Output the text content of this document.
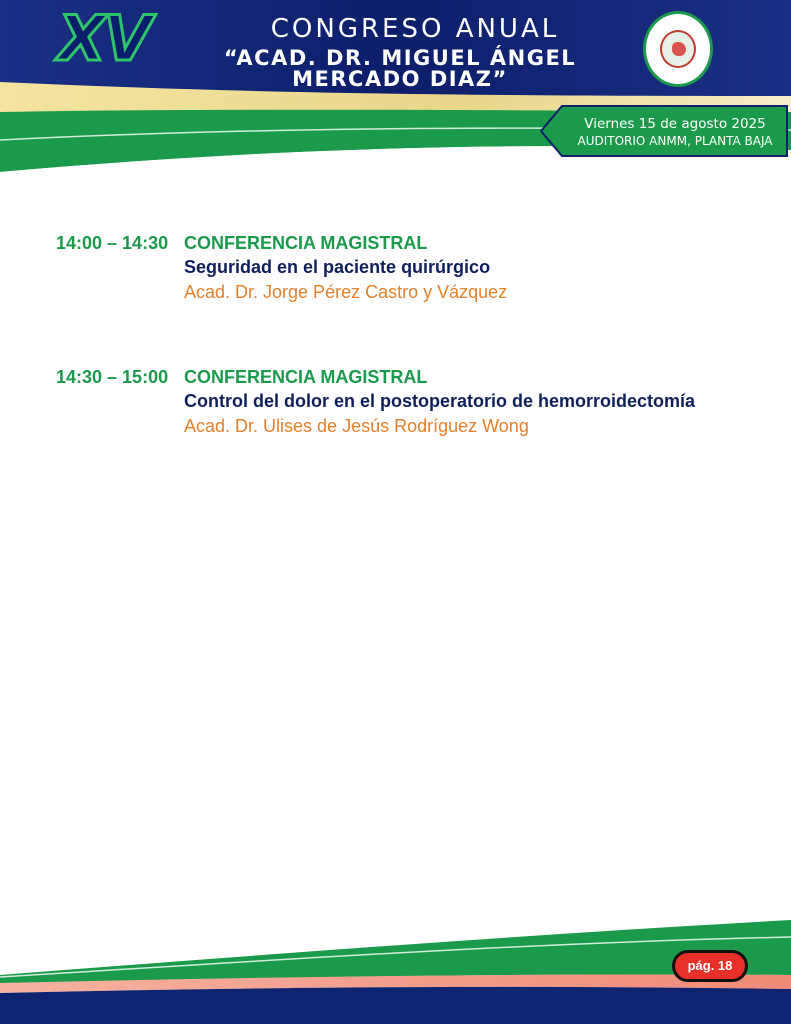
XV	CONGRESO ANUAL
“ACAD. DR. MIGUEL ÁNGEL MERCADO DIAZ”
Viernes 15 de agosto 2025
AUDITORIO ANMM, PLANTA BAJA
14:00 – 14:30 CONFERENCIA MAGISTRAL
Seguridad en el paciente quirúrgico
Acad. Dr. Jorge Pérez Castro y Vázquez
14:30 – 15:00 CONFERENCIA MAGISTRAL
Control del dolor en el postoperatorio de hemorroidectomía
Acad. Dr. Ulises de Jesús Rodríguez Wong
pág. 18
